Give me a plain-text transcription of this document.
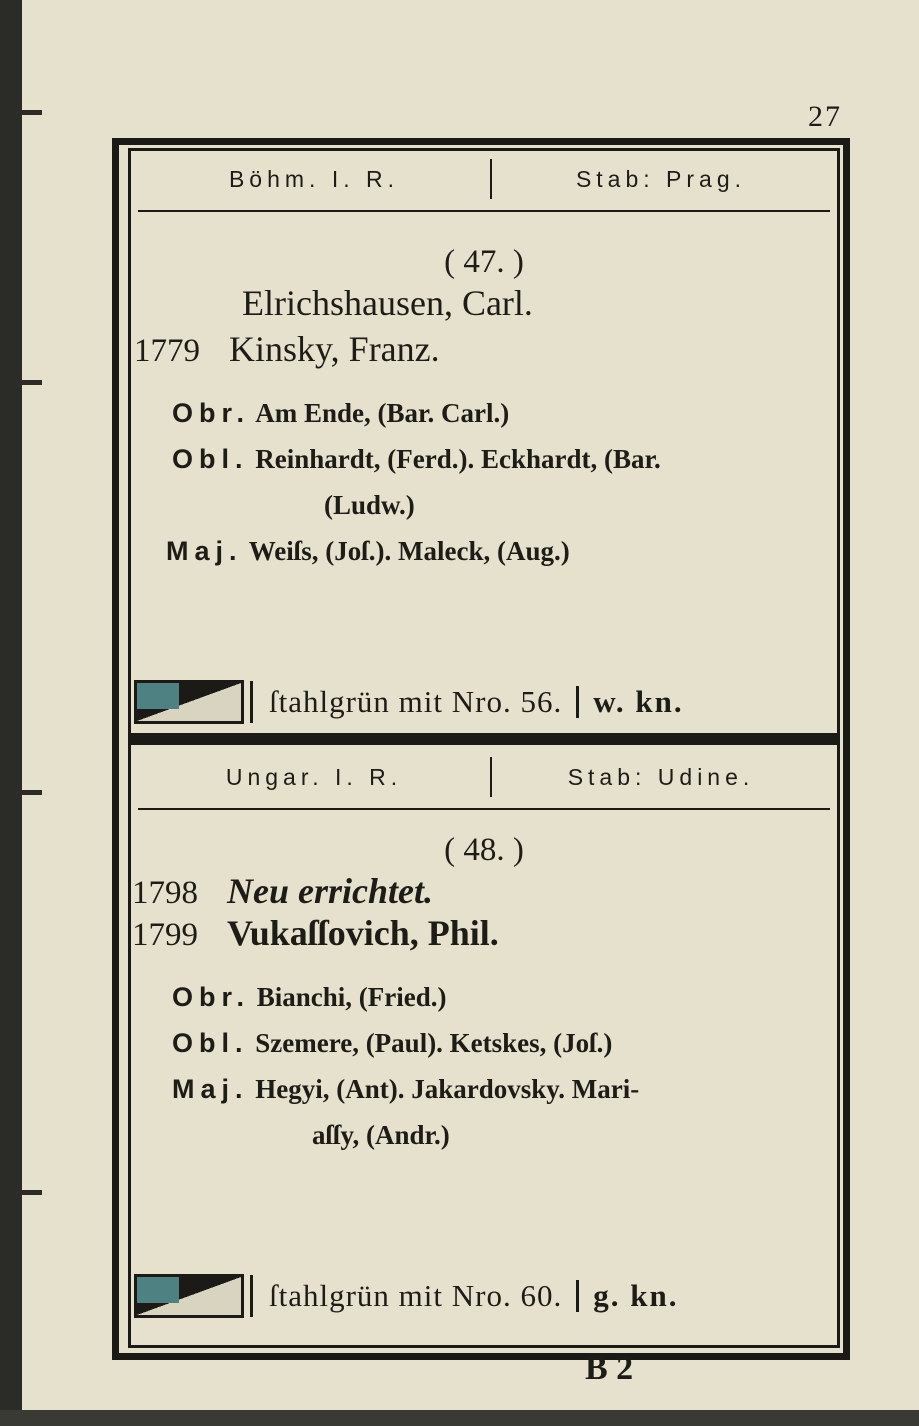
27
Böhm. I. R.	Stab: Prag.
( 47. )
Elrichshausen, Carl.
1779 Kinsky, Franz.
Obr. Am Ende, (Bar. Carl.)
Obl. Reinhardt, (Ferd.). Eckhardt, (Bar.
(Ludw.)
Maj. Weiſs, (Joſ.). Maleck, (Aug.)
ſtahlgrün mit Nro. 56. w. kn.
Ungar. I. R.	Stab: Udine.
( 48. )
1798 Neu errichtet.
1799 Vukaſſovich, Phil.
Obr. Bianchi, (Fried.)
Obl. Szemere, (Paul). Ketskes, (Joſ.)
Maj. Hegyi, (Ant). Jakardovsky. Mari-
aſſy, (Andr.)
ſtahlgrün mit Nro. 60. g. kn.
B 2
